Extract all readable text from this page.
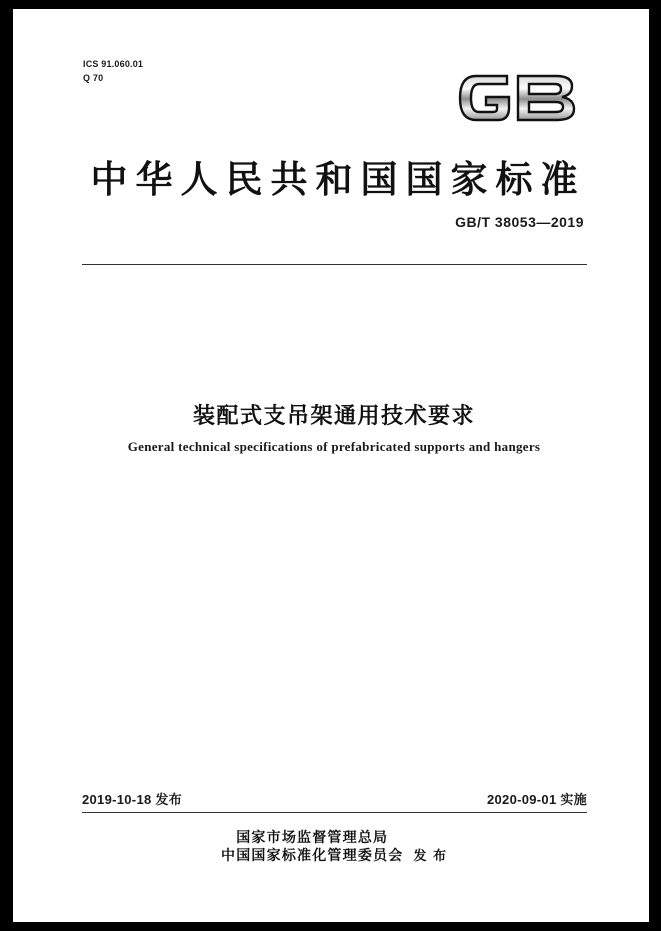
ICS 91.060.01
Q 70
中华人民共和国国家标准
GB/T 38053—2019
装配式支吊架通用技术要求
General technical specifications of prefabricated supports and hangers
2019-10-18 发布	2020-09-01 实施
国家市场监督管理总局
中国国家标准化管理委员会 发 布
